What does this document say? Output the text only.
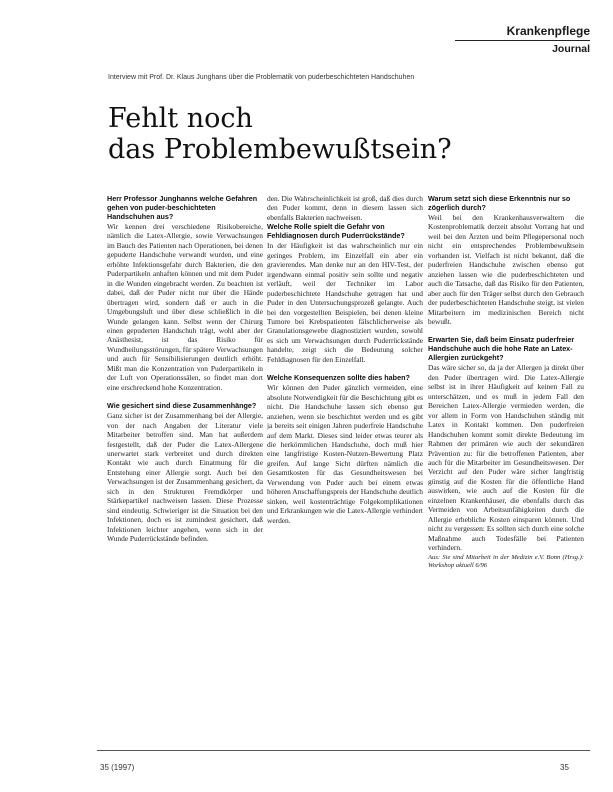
Krankenpflege
Journal
Interview mit Prof. Dr. Klaus Junghans über die Problematik von puderbeschichteten Handschuhen
Fehlt noch
das Problembewußtsein?

Herr Professor Junghanns welche Gefahren gehen von puder-beschichteten Handschuhen aus?

Wir kennen drei verschiedene Risikobereiche, nämlich die Latex-Allergie, sowie Verwachsungen im Bauch des Patienten nach Operationen, bei denen gepuderte Handschuhe verwandt wurden, und eine erhöhte Infektionsgefahr durch Bakterien, die den Puderpartikeln anhaften können und mit dem Puder in die Wunden eingebracht werden. Zu beachten ist dabei, daß der Puder nicht nur über die Hände übertragen wird, sondern daß er auch in die Umgebungsluft und über diese schließlich in die Wunde gelangen kann. Selbst wenn der Chirurg einen gepuderten Handschuh trägt, wohl aber der Anästhesist, ist das Risiko für Wundheilungsstörungen, für spätere Verwachsungen und auch für Sensibilisierungen deutlich erhöht. Mißt man die Konzentration von Puderpartikeln in der Luft von Operationssälen, so findet man dort eine erschreckend hohe Konzentration.

Wie gesichert sind diese Zusammenhänge?

Ganz sicher ist der Zusammenhang bei der Allergie, von der nach Angaben der Literatur viele Mitarbeiter betroffen sind. Man hat außerdem festgestellt, daß der Puder die Latex-Allergene unerwartet stark verbreitet und durch direkten Kontakt wie auch durch Einatmung für die Entstehung einer Allergie sorgt. Auch bei den Verwachsungen ist der Zusammenhang gesichert, da sich in den Strukturen Fremdkörper und Stärkepartikel nachweisen lassen. Diese Prozesse sind eindeutig. Schwieriger ist die Situation bei den Infektionen, doch es ist zumindest gesichert, daß Infektionen leichter angehen, wenn sich in der Wunde Puderrückstände befinden.

den. Die Wahrscheinlichkeit ist groß, daß dies durch den Puder kommt, denn in diesem lassen sich ebenfalls Bakterien nachweisen.

Welche Rolle spielt die Gefahr von Fehldiagnosen durch Puderrückstände?

In der Häufigkeit ist das wahrscheinlich nur ein geringes Problem, im Einzelfall ein aber ein gravierendes. Man denke nur an den HIV-Test, der irgendwann einmal positiv sein sollte und negativ verläuft, weil der Techniker im Labor puderbeschichtete Handschuhe getragen hat und Puder in den Untersuchungsprozeß gelangte. Auch bei den vorgestellten Beispielen, bei denen kleine Tumore bei Krebspatienten fälschlicherweise als Granulationsgewebe diagnostiziert wurden, sowohl es sich um Verwachsungen durch Puderrückstände handelte, zeigt sich die Bedeutung solcher Fehldiagnosen für den Einzelfall.

Welche Konsequenzen sollte dies haben?

Wir können den Puder gänzlich vermeiden, eine absolute Notwendigkeit für die Beschichtung gibt es nicht. Die Handschuhe lassen sich ebenso gut anziehen, wenn sie beschichtet werden und es gibt ja bereits seit einigen Jahren puderfreie Handschuhe auf dem Markt. Dieses sind leider etwas teurer als die herkömmlichen Handschuhe, doch muß hier eine langfristige Kosten-Nutzen-Bewertung Platz greifen. Auf lange Sicht dürften nämlich die Gesamtkosten für das Gesundheitswesen bei Verwendung von Puder auch bei einem etwas höheren Anschaffungspreis der Handschuhe deutlich sinken, weil kostenträchtige Folgekomplikationen und Erkrankungen wie die Latex-Allergie verhindert werden.

Warum setzt sich diese Erkenntnis nur so zögerlich durch?

Weil bei den Krankenhausverwaltern die Kostenproblematik derzeit absolut Vorrang hat und weil bei den Ärzten und beim Pflegepersonal noch nicht ein entsprechendes Problembewußtsein vorhanden ist. Vielfach ist nicht bekannt, daß die puderfreien Handschuhe zwischen ebenso gut anziehen lassen wie die puderbeschichteten und auch die Tatsache, daß das Risiko für den Patienten, aber auch für den Träger selbst durch den Gebrauch der puderbeschichteten Handschuhe steigt, ist vielen Mitarbeitern im medizinischen Bereich nicht bewußt.

Erwarten Sie, daß beim Einsatz puderfreier Handschuhe auch die hohe Rate an Latex-Allergien zurückgeht?

Das wäre sicher so, da ja der Allergen ja direkt über den Puder übertragen wird. Die Latex-Allergie selbst ist in ihrer Häufigkeit auf keinen Fall zu unterschätzen, und es muß in jedem Fall den Bereichen Latex-Allergie vermieden werden, die vor allem in Form von Handschuhen ständig mit Latex in Kontakt kommen. Den puderfreien Handschuhen kommt somit direkte Bedeutung im Rahmen der primären wie auch der sekundären Prävention zu: für die betroffenen Patienten, aber auch für die Mitarbeiter im Gesundheitswesen. Der Verzicht auf den Puder wäre sicher langfristig günstig auf die Kosten für die öffentliche Hand auswirken, wie auch auf die Kosten für die einzelnen Krankenhäuser, die ebenfalls durch das Vermeiden von Arbeitsunfähigkeiten durch die Allergie erhebliche Kosten einsparen können. Und nicht zu vergessen: Es sollten sich durch eine solche Maßnahme auch Todesfälle bei Patienten verhindern.

Aus: Sie sind Mitarbeit in der Medizin e.V. Bonn (Hrsg.): Workshop aktuell 6/96

35 (1997)	35
